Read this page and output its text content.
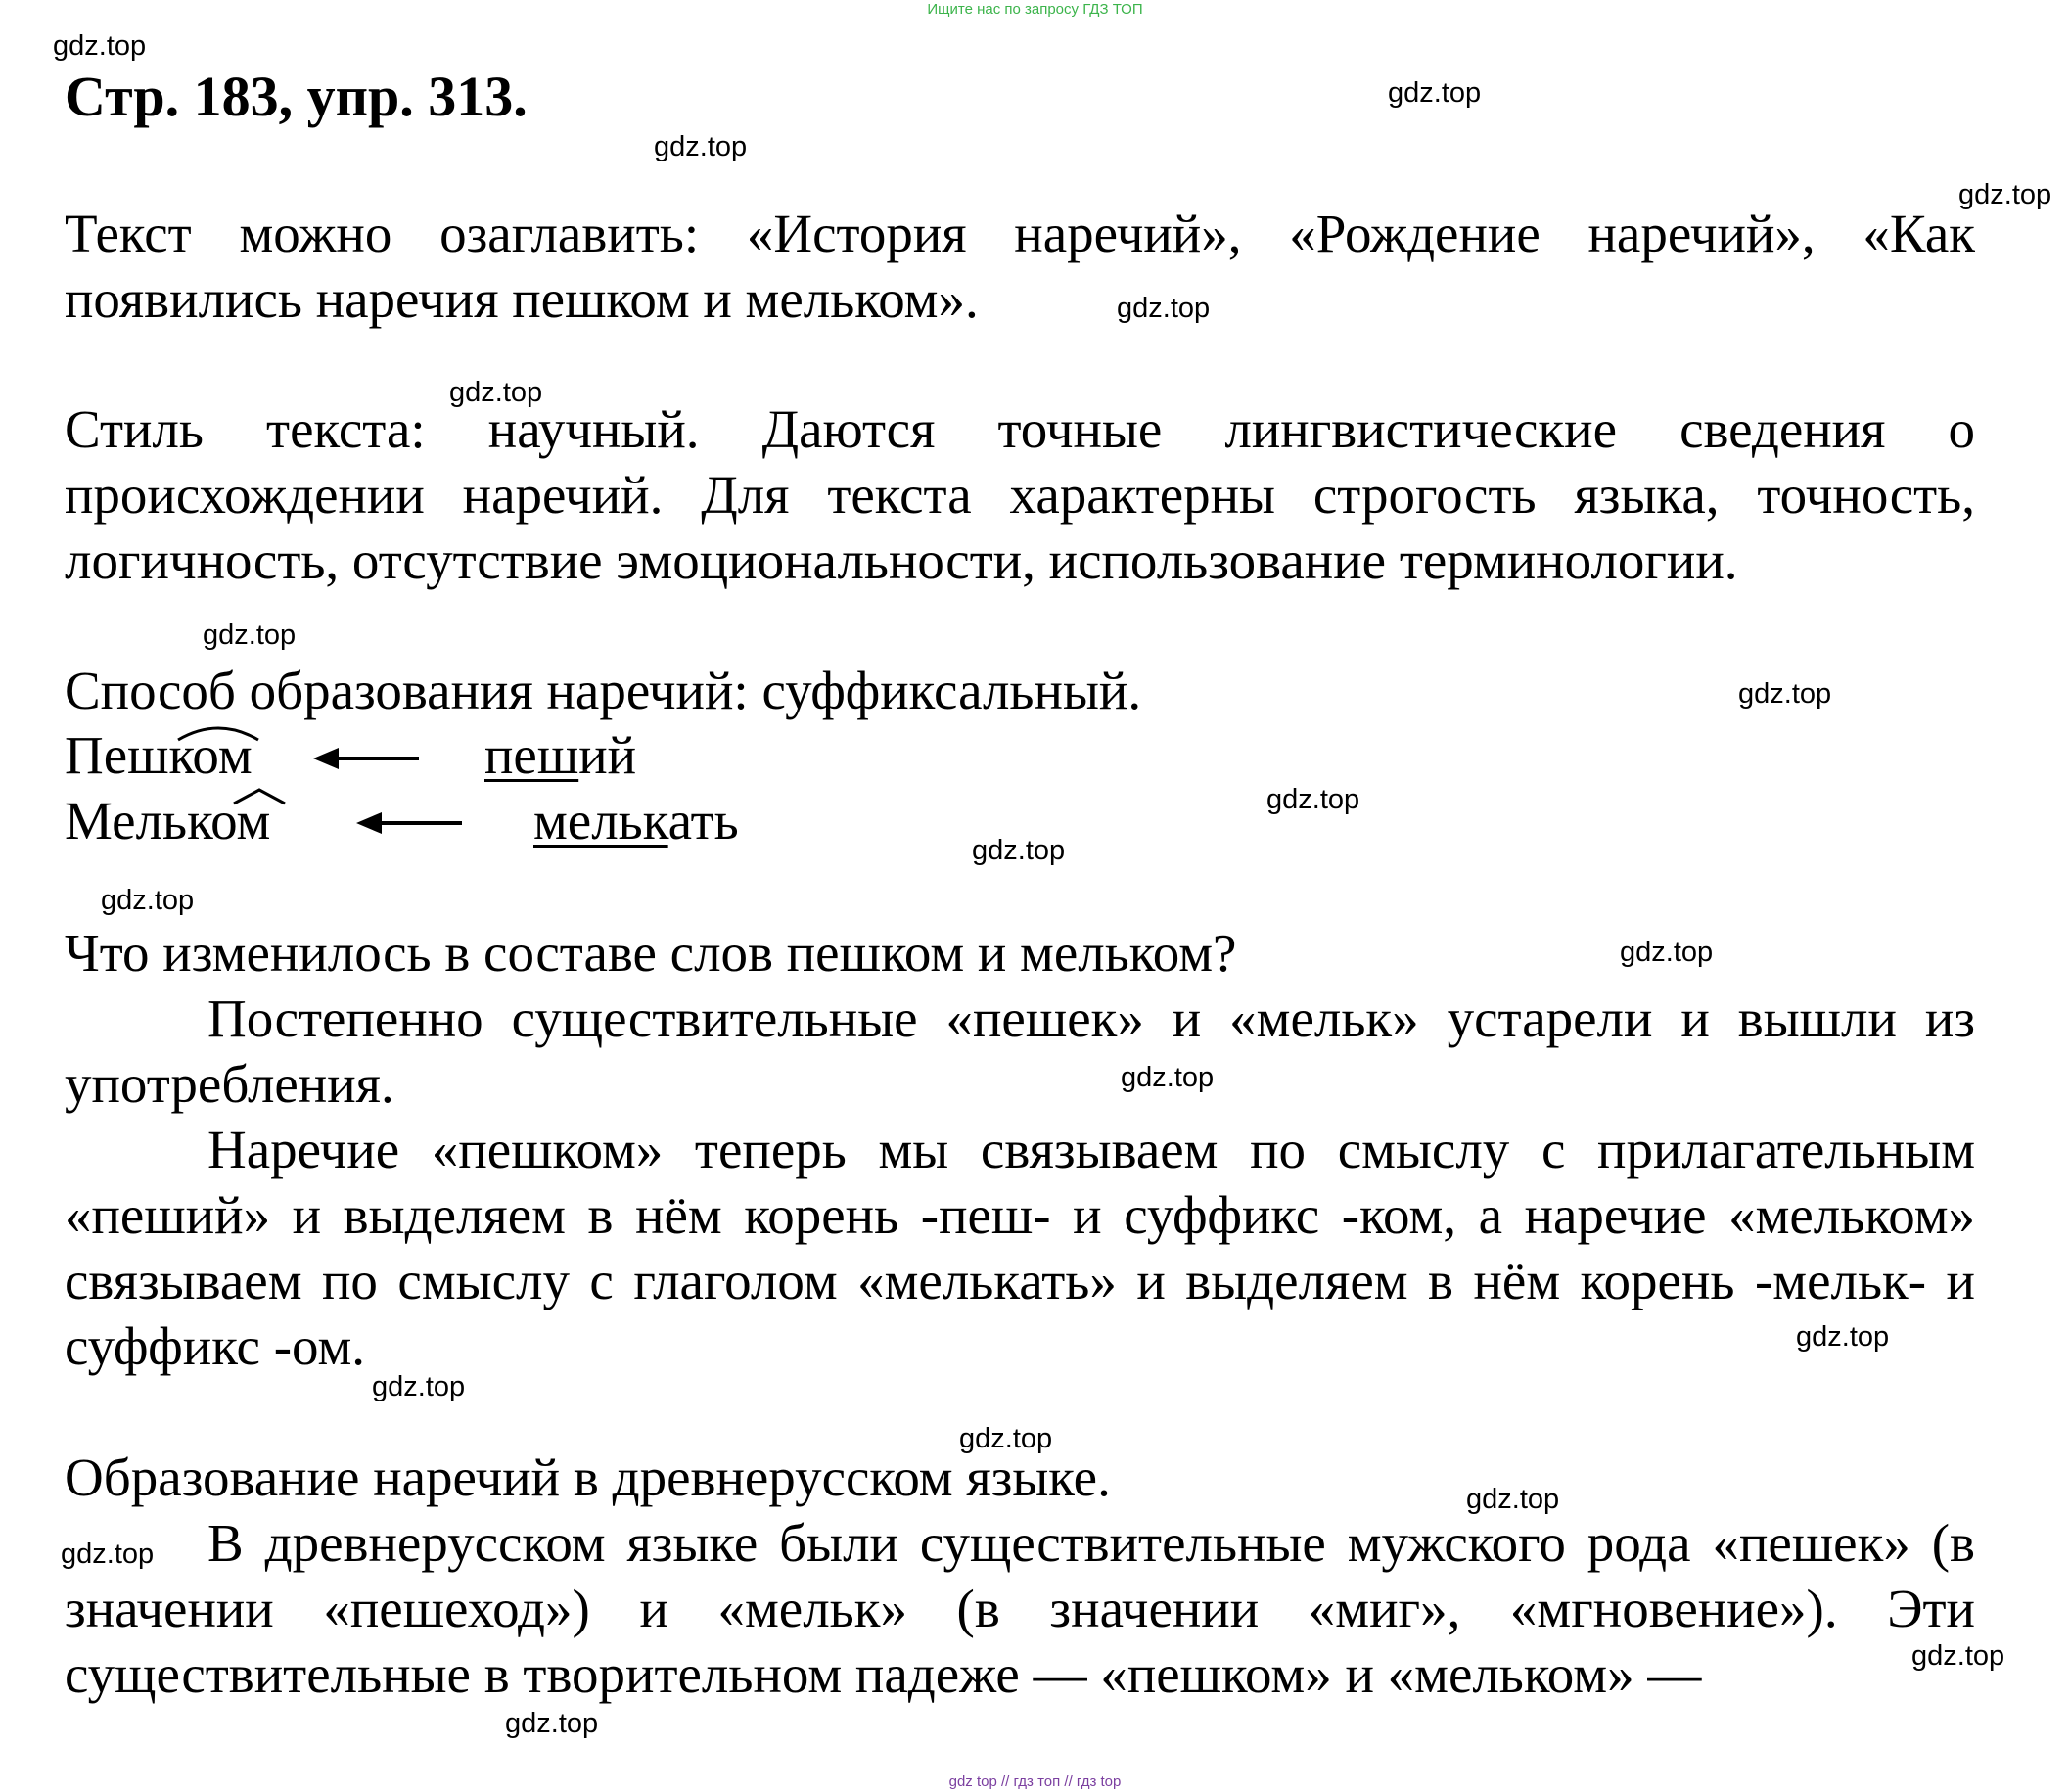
Ищите нас по запросу ГДЗ ТОП
Стр. 183, упр. 313.
Текст можно озаглавить: «История наречий», «Рождение наречий», «Как появились наречия пешком и мельком».
Стиль текста: научный. Даются точные лингвистические сведения о происхождении наречий. Для текста характерны строгость языка, точность, логичность, отсутствие эмоциональности, использование терминологии.
Способ образования наречий: суффиксальный.
Пешком	пеший
Мельком	мелькать
Что изменилось в составе слов пешком и мельком?
Постепенно существительные «пешек» и «мельк» устарели и вышли из употребления.
Наречие «пешком» теперь мы связываем по смыслу с прилагательным «пеший» и выделяем в нём корень -пеш- и суффикс -ком, а наречие «мельком» связываем по смыслу с глаголом «мелькать» и выделяем в нём корень -мельк- и суффикс -ом.
Образование наречий в древнерусском языке.
В древнерусском языке были существительные мужского рода «пешек» (в значении «пешеход») и «мельк» (в значении «миг», «мгновение»). Эти существительные в творительном падеже — «пешком» и «мельком» —
gdz.top
gdz.top
gdz.top
gdz.top
gdz.top
gdz.top
gdz.top
gdz.top
gdz.top
gdz.top
gdz.top
gdz.top
gdz.top
gdz.top
gdz.top
gdz.top
gdz.top
gdz.top
gdz.top
gdz.top
gdz top // гдз топ // гдз top
